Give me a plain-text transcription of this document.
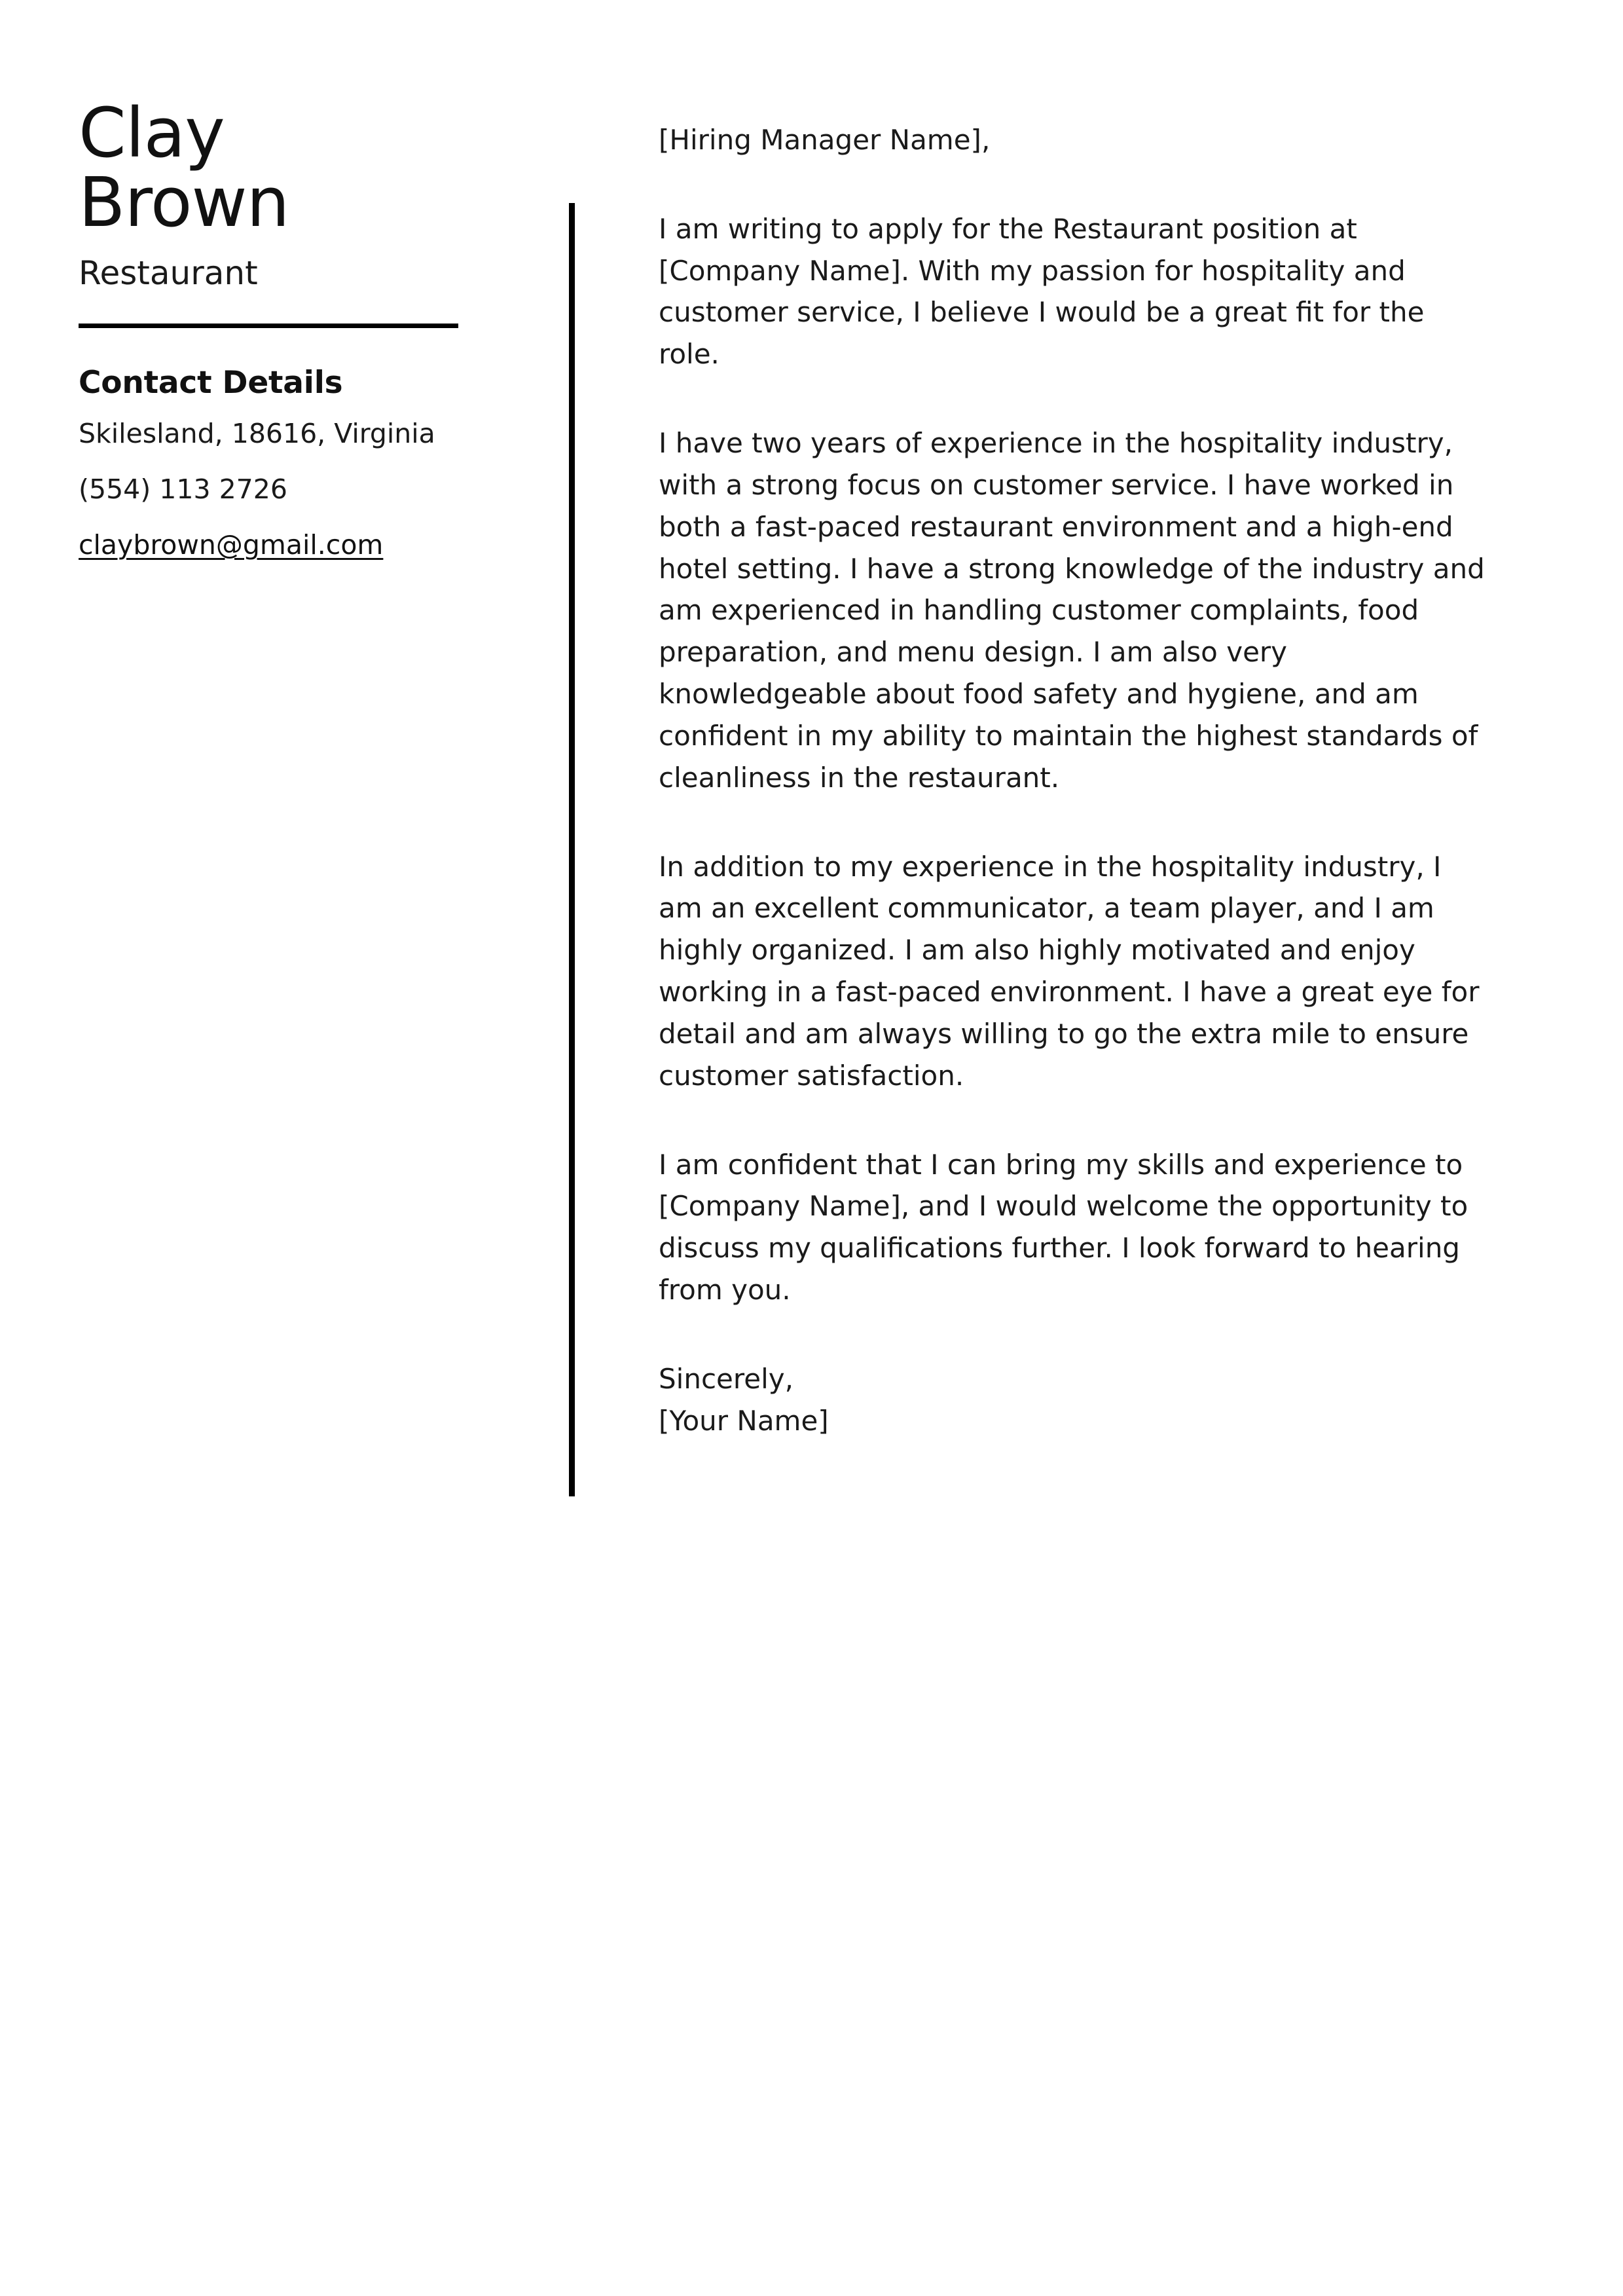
Clay
Brown
Restaurant
Contact Details
Skilesland, 18616, Virginia
(554) 113 2726
claybrown@gmail.com

[Hiring Manager Name],

I am writing to apply for the Restaurant position at [Company Name]. With my passion for hospitality and customer service, I believe I would be a great fit for the role.

I have two years of experience in the hospitality industry, with a strong focus on customer service. I have worked in both a fast-paced restaurant environment and a high-end hotel setting. I have a strong knowledge of the industry and am experienced in handling customer complaints, food preparation, and menu design. I am also very knowledgeable about food safety and hygiene, and am confident in my ability to maintain the highest standards of cleanliness in the restaurant.

In addition to my experience in the hospitality industry, I am an excellent communicator, a team player, and I am highly organized. I am also highly motivated and enjoy working in a fast-paced environment. I have a great eye for detail and am always willing to go the extra mile to ensure customer satisfaction.

I am confident that I can bring my skills and experience to [Company Name], and I would welcome the opportunity to discuss my qualifications further. I look forward to hearing from you.

Sincerely,
[Your Name]
